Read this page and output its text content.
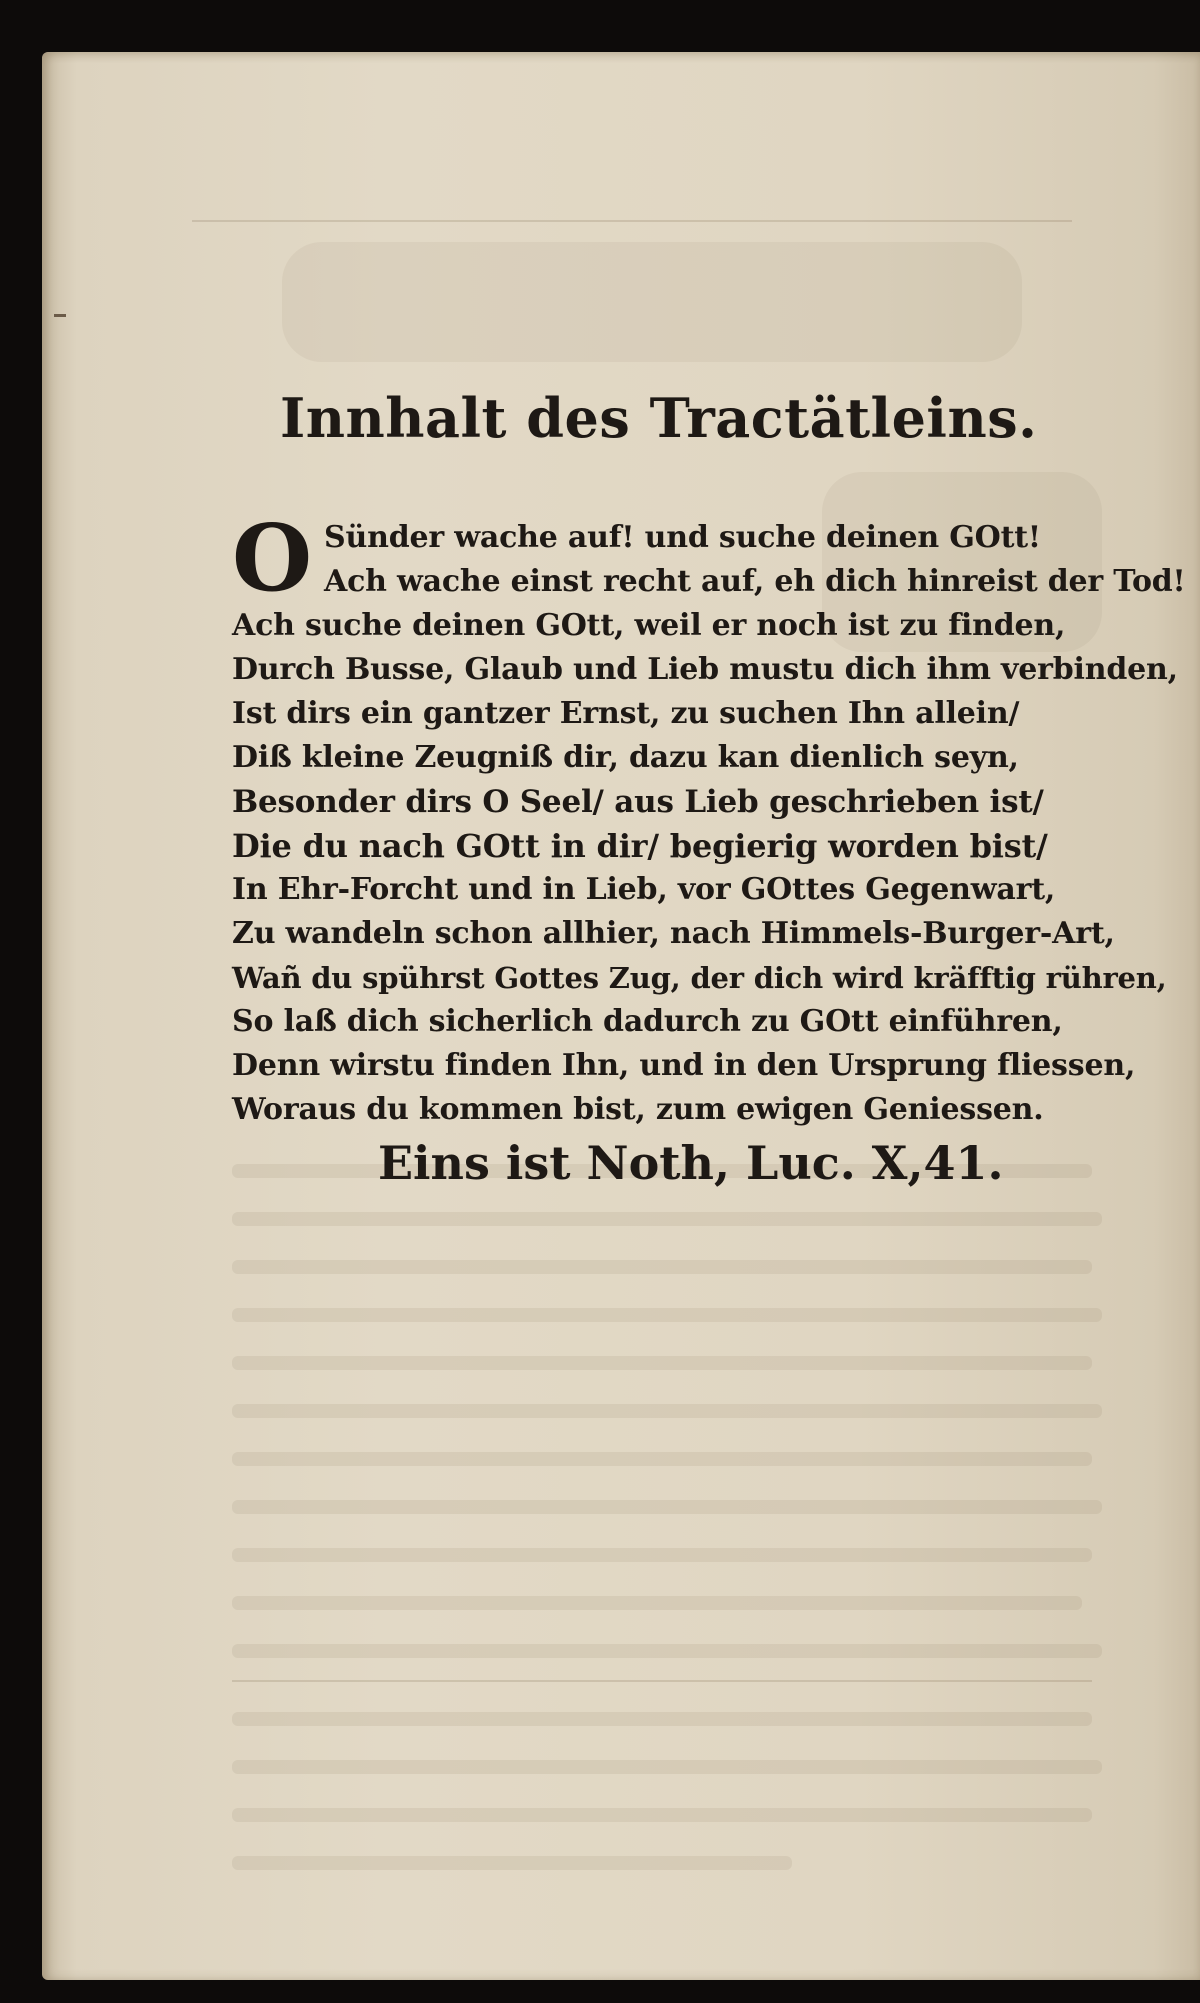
Innhalt des Tractätleins.
O Sünder wache auf! und suche deinen GOtt!
Ach wache einst recht auf, eh dich hinreist der Tod!
Ach suche deinen GOtt, weil er noch ist zu finden,
Durch Busse, Glaub und Lieb mustu dich ihm verbinden,
Ist dirs ein gantzer Ernst, zu suchen Ihn allein/
Diß kleine Zeugniß dir, dazu kan dienlich seyn,
Besonder dirs O Seel/ aus Lieb geschrieben ist/
Die du nach GOtt in dir/ begierig worden bist/
In Ehr-Forcht und in Lieb, vor GOttes Gegenwart,
Zu wandeln schon allhier, nach Himmels-Burger-Art,
Wañ du spührst Gottes Zug, der dich wird kräfftig rühren,
So laß dich sicherlich dadurch zu GOtt einführen,
Denn wirstu finden Ihn, und in den Ursprung fliessen,
Woraus du kommen bist, zum ewigen Geniessen.
Eins ist Noth, Luc. X,41.
